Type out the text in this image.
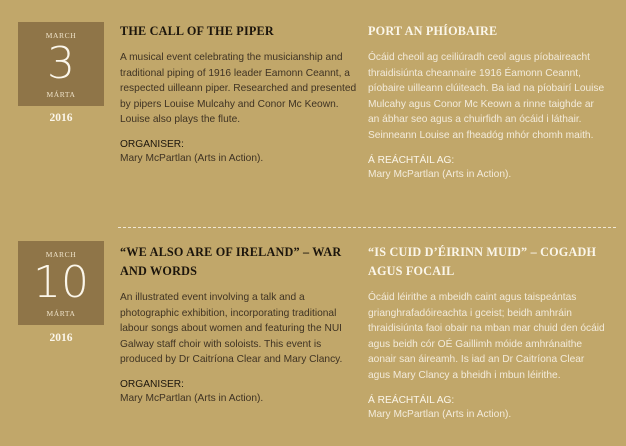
MARCH
3
MÁRTA
2016
THE CALL OF THE PIPER

A musical event celebrating the musicianship and traditional piping of 1916 leader Eamonn Ceannt, a respected uilleann piper. Researched and presented by pipers Louise Mulcahy and Conor Mc Keown. Louise also plays the flute.

ORGANISER:

Mary McPartlan (Arts in Action).

PORT AN PHÍOBAIRE

Ócáid cheoil ag ceiliúradh ceol agus píobaireacht thraidisiúnta cheannaire 1916 Éamonn Ceannt, píobaire uilleann clúiteach. Ba iad na píobairí Louise Mulcahy agus Conor Mc Keown a rinne taighde ar an ábhar seo agus a chuirfidh an ócáid i láthair. Seinneann Louise an fheadóg mhór chomh maith.

Á REÁCHTÁIL AG:

Mary McPartlan (Arts in Action).

MARCH
10
MÁRTA
2016
“WE ALSO ARE OF IRELAND” – WAR AND WORDS

An illustrated event involving a talk and a photographic exhibition, incorporating traditional labour songs about women and featuring the NUI Galway staff choir with soloists. This event is produced by Dr Caitríona Clear and Mary Clancy.

ORGANISER:

Mary McPartlan (Arts in Action).

“IS CUID D’ÉIRINN MUID” – COGADH AGUS FOCAIL

Ócáid léirithe a mbeidh caint agus taispeántas grianghrafadóireachta i gceist; beidh amhráin thraidisiúnta faoi obair na mban mar chuid den ócáid agus beidh cór OÉ Gaillimh móide amhránaithe aonair san áireamh. Is iad an Dr Caitríona Clear agus Mary Clancy a bheidh i mbun léirithe.

Á REÁCHTÁIL AG:

Mary McPartlan (Arts in Action).
